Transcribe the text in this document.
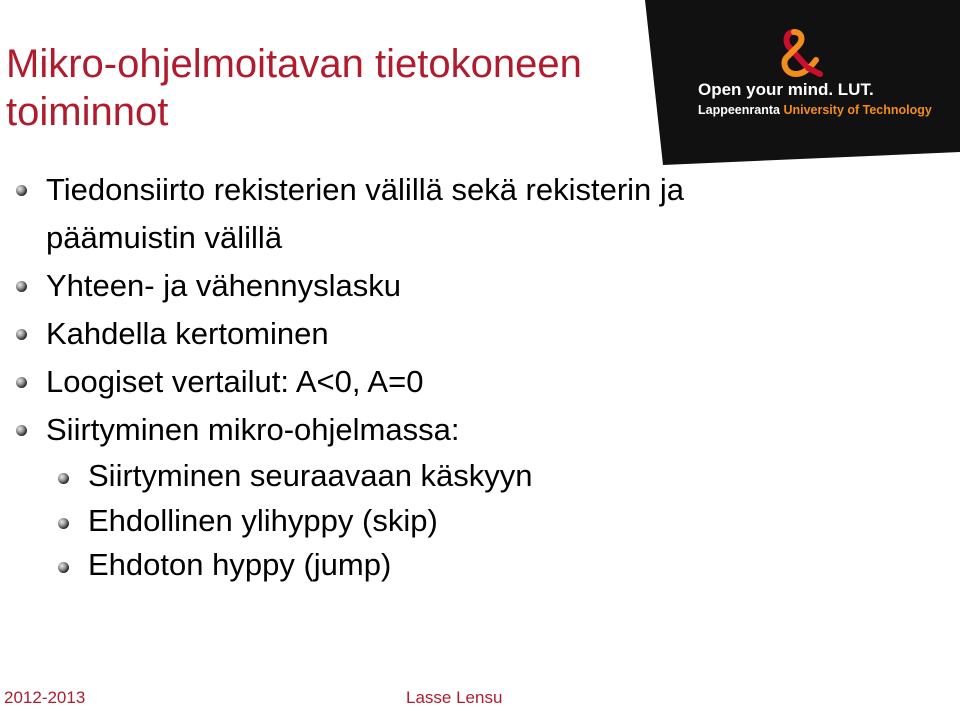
Mikro-ohjelmoitavan tietokoneen
toiminnot
Open your mind. LUT.
Lappeenranta University of Technology
Tiedonsiirto rekisterien välillä sekä rekisterin ja
päämuistin välillä
Yhteen- ja vähennyslasku
Kahdella kertominen
Loogiset vertailut: A<0, A=0
Siirtyminen mikro-ohjelmassa:
Siirtyminen seuraavaan käskyyn
Ehdollinen ylihyppy (skip)
Ehdoton hyppy (jump)
2012-2013	Lasse Lensu
